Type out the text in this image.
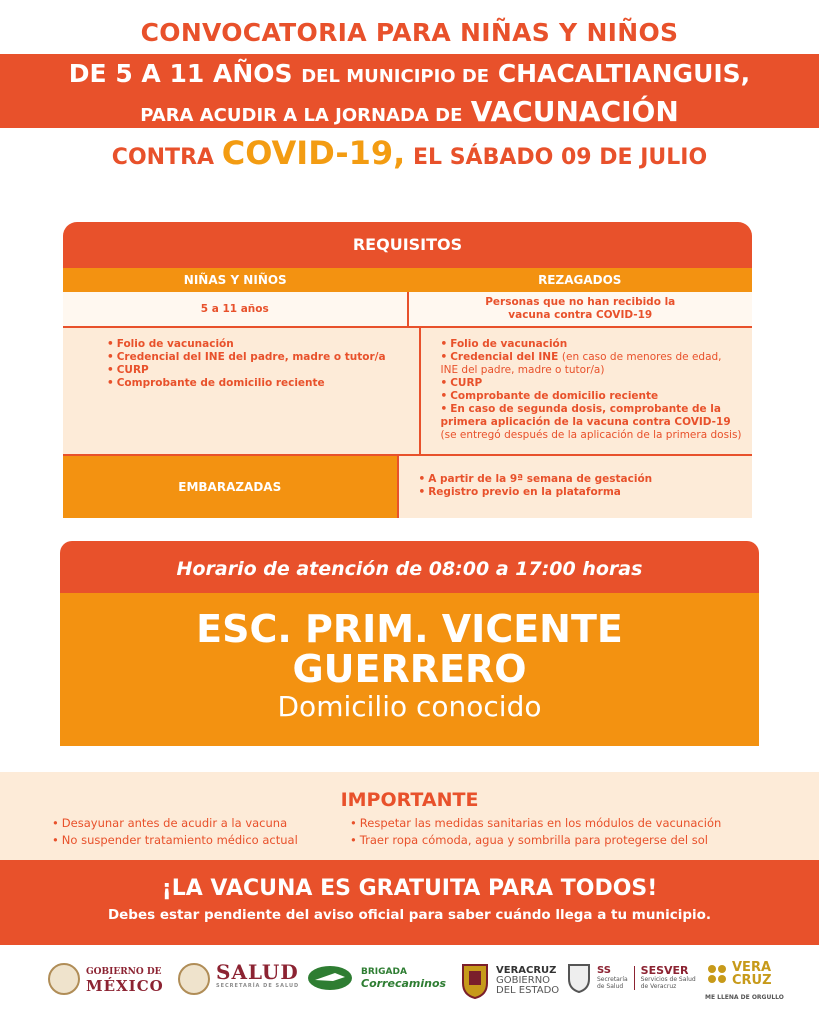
CONVOCATORIA PARA NIÑAS Y NIÑOS
DE 5 A 11 AÑOS DEL MUNICIPIO DE CHACALTIANGUIS,
PARA ACUDIR A LA JORNADA DE VACUNACIÓN
CONTRA COVID-19, EL SÁBADO 09 DE JULIO
REQUISITOS
NIÑAS Y NIÑOS	REZAGADOS
5 a 11 años
Personas que no han recibido la vacuna contra COVID-19
• Folio de vacunación
• Credencial del INE del padre, madre o tutor/a
• CURP
• Comprobante de domicilio reciente
• Folio de vacunación
• Credencial del INE (en caso de menores de edad, INE del padre, madre o tutor/a)
• CURP
• Comprobante de domicilio reciente
• En caso de segunda dosis, comprobante de la primera aplicación de la vacuna contra COVID-19 (se entregó después de la aplicación de la primera dosis)
EMBARAZADAS
• A partir de la 9ª semana de gestación
• Registro previo en la plataforma
Horario de atención de 08:00 a 17:00 horas
ESC. PRIM. VICENTE
GUERRERO
Domicilio conocido
IMPORTANTE
• Desayunar antes de acudir a la vacuna
• No suspender tratamiento médico actual
• Respetar las medidas sanitarias en los módulos de vacunación
• Traer ropa cómoda, agua y sombrilla para protegerse del sol
¡LA VACUNA ES GRATUITA PARA TODOS!
Debes estar pendiente del aviso oficial para saber cuándo llega a tu municipio.
GOBIERNO DE
MÉXICO
SALUD
SECRETARÍA DE SALUD
BRIGADA
Correcaminos
VERACRUZ
GOBIERNO
DEL ESTADO
SS
Secretaría
de Salud
SESVER
Servicios de Salud
de Veracruz
VERA
CRUZ
ME LLENA DE ORGULLO
